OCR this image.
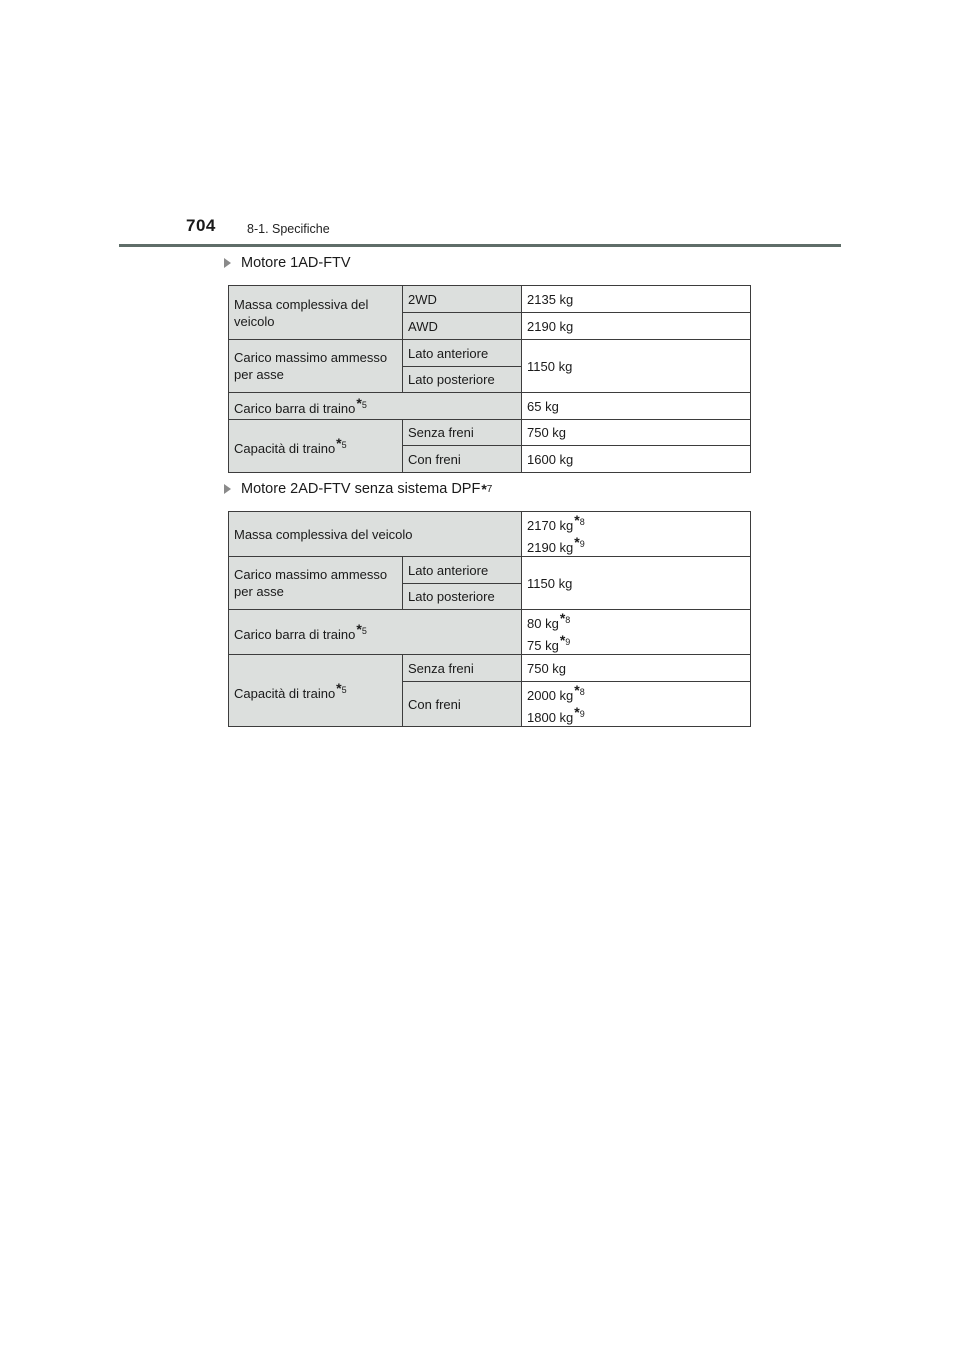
704 8-1. Specifiche
Motore 1AD-FTV
Massa complessiva del veicolo	2WD	2135 kg
	AWD	2190 kg
Carico massimo ammesso per asse	Lato anteriore	1150 kg
	Lato posteriore	
Carico barra di traino*$^5$		65 kg
Capacità di traino*$^5$	Senza freni	750 kg
	Con freni	1600 kg
Motore 2AD-FTV senza sistema DPF * 7
Massa complessiva del veicolo		2170 kg*$^8$
2190 kg*$^9$

Carico massimo ammesso per asse	Lato anteriore	1150 kg
	Lato posteriore	
Carico barra di traino*$^5$		80 kg*$^8$
75 kg*$^9$

Capacità di traino*$^5$	Senza freni	750 kg
	Con freni	2000 kg*$^8$
1800 kg*$^9$
